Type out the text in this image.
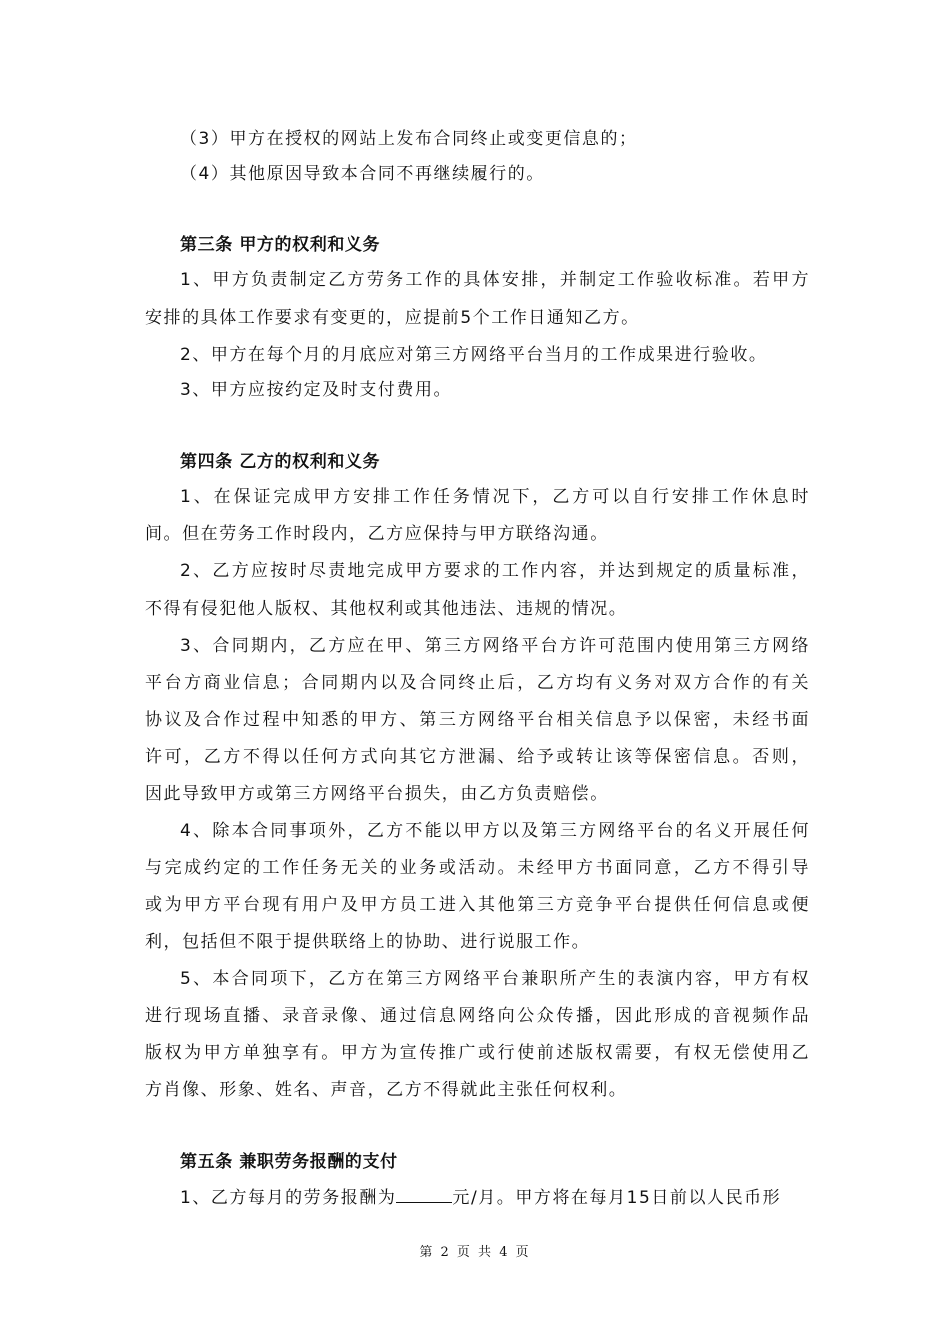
（3）甲方在授权的网站上发布合同终止或变更信息的；
（4）其他原因导致本合同不再继续履行的。
第三条 甲方的权利和义务
1、甲方负责制定乙方劳务工作的具体安排，并制定工作验收标准。若甲方
安排的具体工作要求有变更的，应提前5个工作日通知乙方。
2、甲方在每个月的月底应对第三方网络平台当月的工作成果进行验收。
3、甲方应按约定及时支付费用。
第四条 乙方的权利和义务
1、在保证完成甲方安排工作任务情况下，乙方可以自行安排工作休息时
间。但在劳务工作时段内，乙方应保持与甲方联络沟通。
2、乙方应按时尽责地完成甲方要求的工作内容，并达到规定的质量标准，
不得有侵犯他人版权、其他权利或其他违法、违规的情况。
3、合同期内，乙方应在甲、第三方网络平台方许可范围内使用第三方网络
平台方商业信息；合同期内以及合同终止后，乙方均有义务对双方合作的有关
协议及合作过程中知悉的甲方、第三方网络平台相关信息予以保密，未经书面
许可，乙方不得以任何方式向其它方泄漏、给予或转让该等保密信息。否则，
因此导致甲方或第三方网络平台损失，由乙方负责赔偿。
4、除本合同事项外，乙方不能以甲方以及第三方网络平台的名义开展任何
与完成约定的工作任务无关的业务或活动。未经甲方书面同意，乙方不得引导
或为甲方平台现有用户及甲方员工进入其他第三方竞争平台提供任何信息或便
利，包括但不限于提供联络上的协助、进行说服工作。
5、本合同项下，乙方在第三方网络平台兼职所产生的表演内容，甲方有权
进行现场直播、录音录像、通过信息网络向公众传播，因此形成的音视频作品
版权为甲方单独享有。甲方为宣传推广或行使前述版权需要，有权无偿使用乙
方肖像、形象、姓名、声音，乙方不得就此主张任何权利。
第五条 兼职劳务报酬的支付
1、乙方每月的劳务报酬为	元/月。甲方将在每月15日前以人民币形
第 2 页 共 4 页
